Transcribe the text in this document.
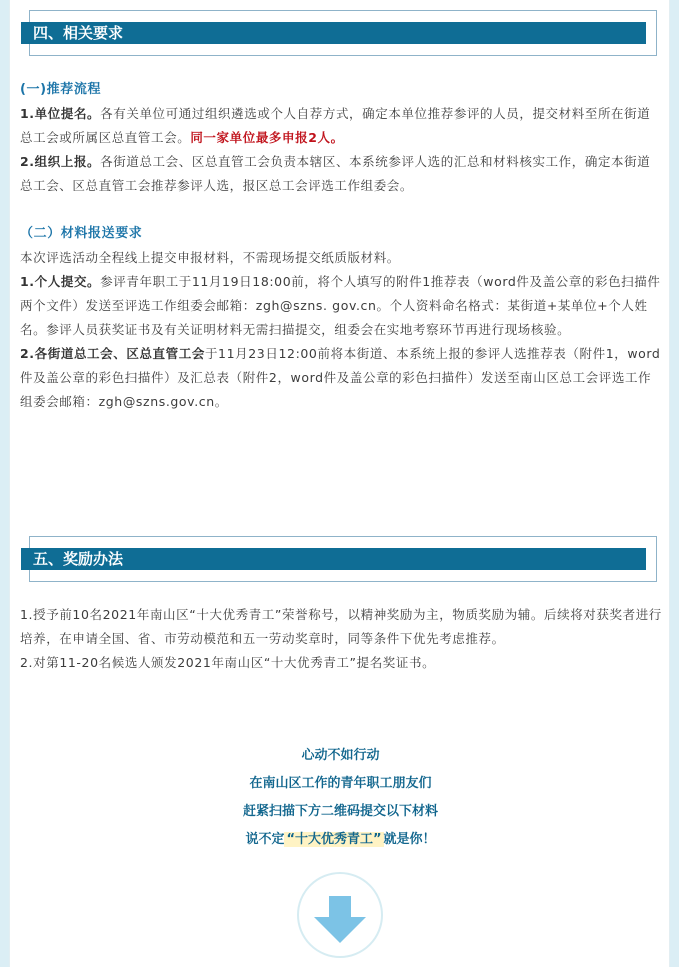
四、相关要求
(一)推荐流程
1.单位提名。各有关单位可通过组织遴选或个人自荐方式，确定本单位推荐参评的人员，提交材料至所在街道总工会或所属区总直管工会。同一家单位最多申报2人。
2.组织上报。各街道总工会、区总直管工会负责本辖区、本系统参评人选的汇总和材料核实工作，确定本街道总工会、区总直管工会推荐参评人选，报区总工会评选工作组委会。
（二）材料报送要求
本次评选活动全程线上提交申报材料，不需现场提交纸质版材料。
1.个人提交。参评青年职工于11月19日18:00前，将个人填写的附件1推荐表（word件及盖公章的彩色扫描件两个文件）发送至评选工作组委会邮箱：zgh@szns. gov.cn。个人资料命名格式：某街道+某单位+个人姓名。参评人员获奖证书及有关证明材料无需扫描提交，组委会在实地考察环节再进行现场核验。
2.各街道总工会、区总直管工会于11月23日12:00前将本街道、本系统上报的参评人选推荐表（附件1，word件及盖公章的彩色扫描件）及汇总表（附件2，word件及盖公章的彩色扫描件）发送至南山区总工会评选工作组委会邮箱：zgh@szns.gov.cn。
五、奖励办法
1.授予前10名2021年南山区“十大优秀青工”荣誉称号，以精神奖励为主，物质奖励为辅。后续将对获奖者进行培养，在申请全国、省、市劳动模范和五一劳动奖章时，同等条件下优先考虑推荐。
2.对第11-20名候选人颁发2021年南山区“十大优秀青工”提名奖证书。
心动不如行动
在南山区工作的青年职工朋友们
赶紧扫描下方二维码提交以下材料
说不定 “十大优秀青工” 就是你！
